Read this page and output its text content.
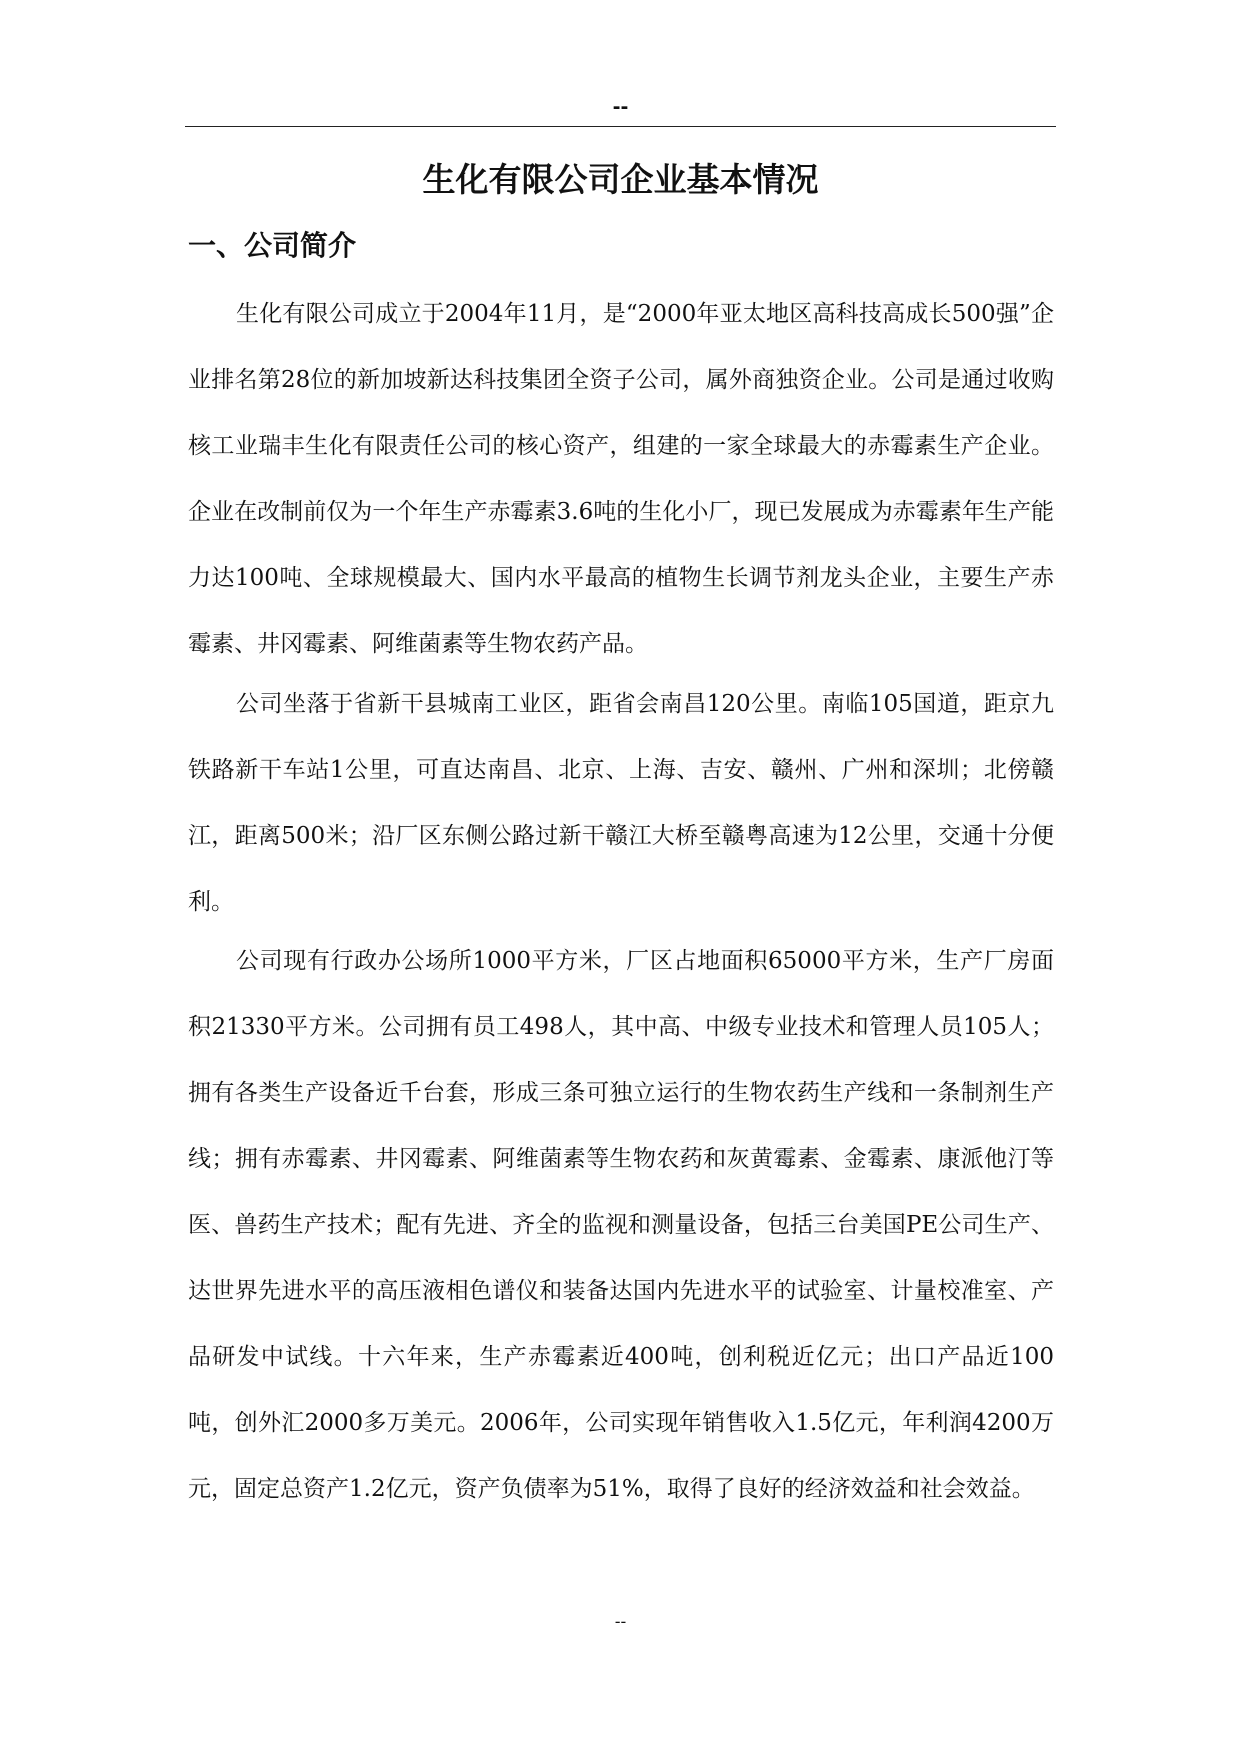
--
生化有限公司企业基本情况
一、公司简介

生化有限公司成立于2004年11月，是“2000年亚太地区高科技高成长500强”企业排名第28位的新加坡新达科技集团全资子公司，属外商独资企业。公司是通过收购核工业瑞丰生化有限责任公司的核心资产，组建的一家全球最大的赤霉素生产企业。企业在改制前仅为一个年生产赤霉素3.6吨的生化小厂，现已发展成为赤霉素年生产能力达100吨、全球规模最大、国内水平最高的植物生长调节剂龙头企业，主要生产赤霉素、井冈霉素、阿维菌素等生物农药产品。

公司坐落于省新干县城南工业区，距省会南昌120公里。南临105国道，距京九铁路新干车站1公里，可直达南昌、北京、上海、吉安、赣州、广州和深圳；北傍赣江，距离500米；沿厂区东侧公路过新干赣江大桥至赣粤高速为12公里，交通十分便利。

公司现有行政办公场所1000平方米，厂区占地面积65000平方米，生产厂房面积21330平方米。公司拥有员工498人，其中高、中级专业技术和管理人员105人；拥有各类生产设备近千台套，形成三条可独立运行的生物农药生产线和一条制剂生产线；拥有赤霉素、井冈霉素、阿维菌素等生物农药和灰黄霉素、金霉素、康派他汀等医、兽药生产技术；配有先进、齐全的监视和测量设备，包括三台美国PE公司生产、达世界先进水平的高压液相色谱仪和装备达国内先进水平的试验室、计量校准室、产品研发中试线。十六年来，生产赤霉素近400吨，创利税近亿元；出口产品近100吨，创外汇2000多万美元。2006年，公司实现年销售收入1.5亿元，年利润4200万元，固定总资产1.2亿元，资产负债率为51%，取得了良好的经济效益和社会效益。

--
